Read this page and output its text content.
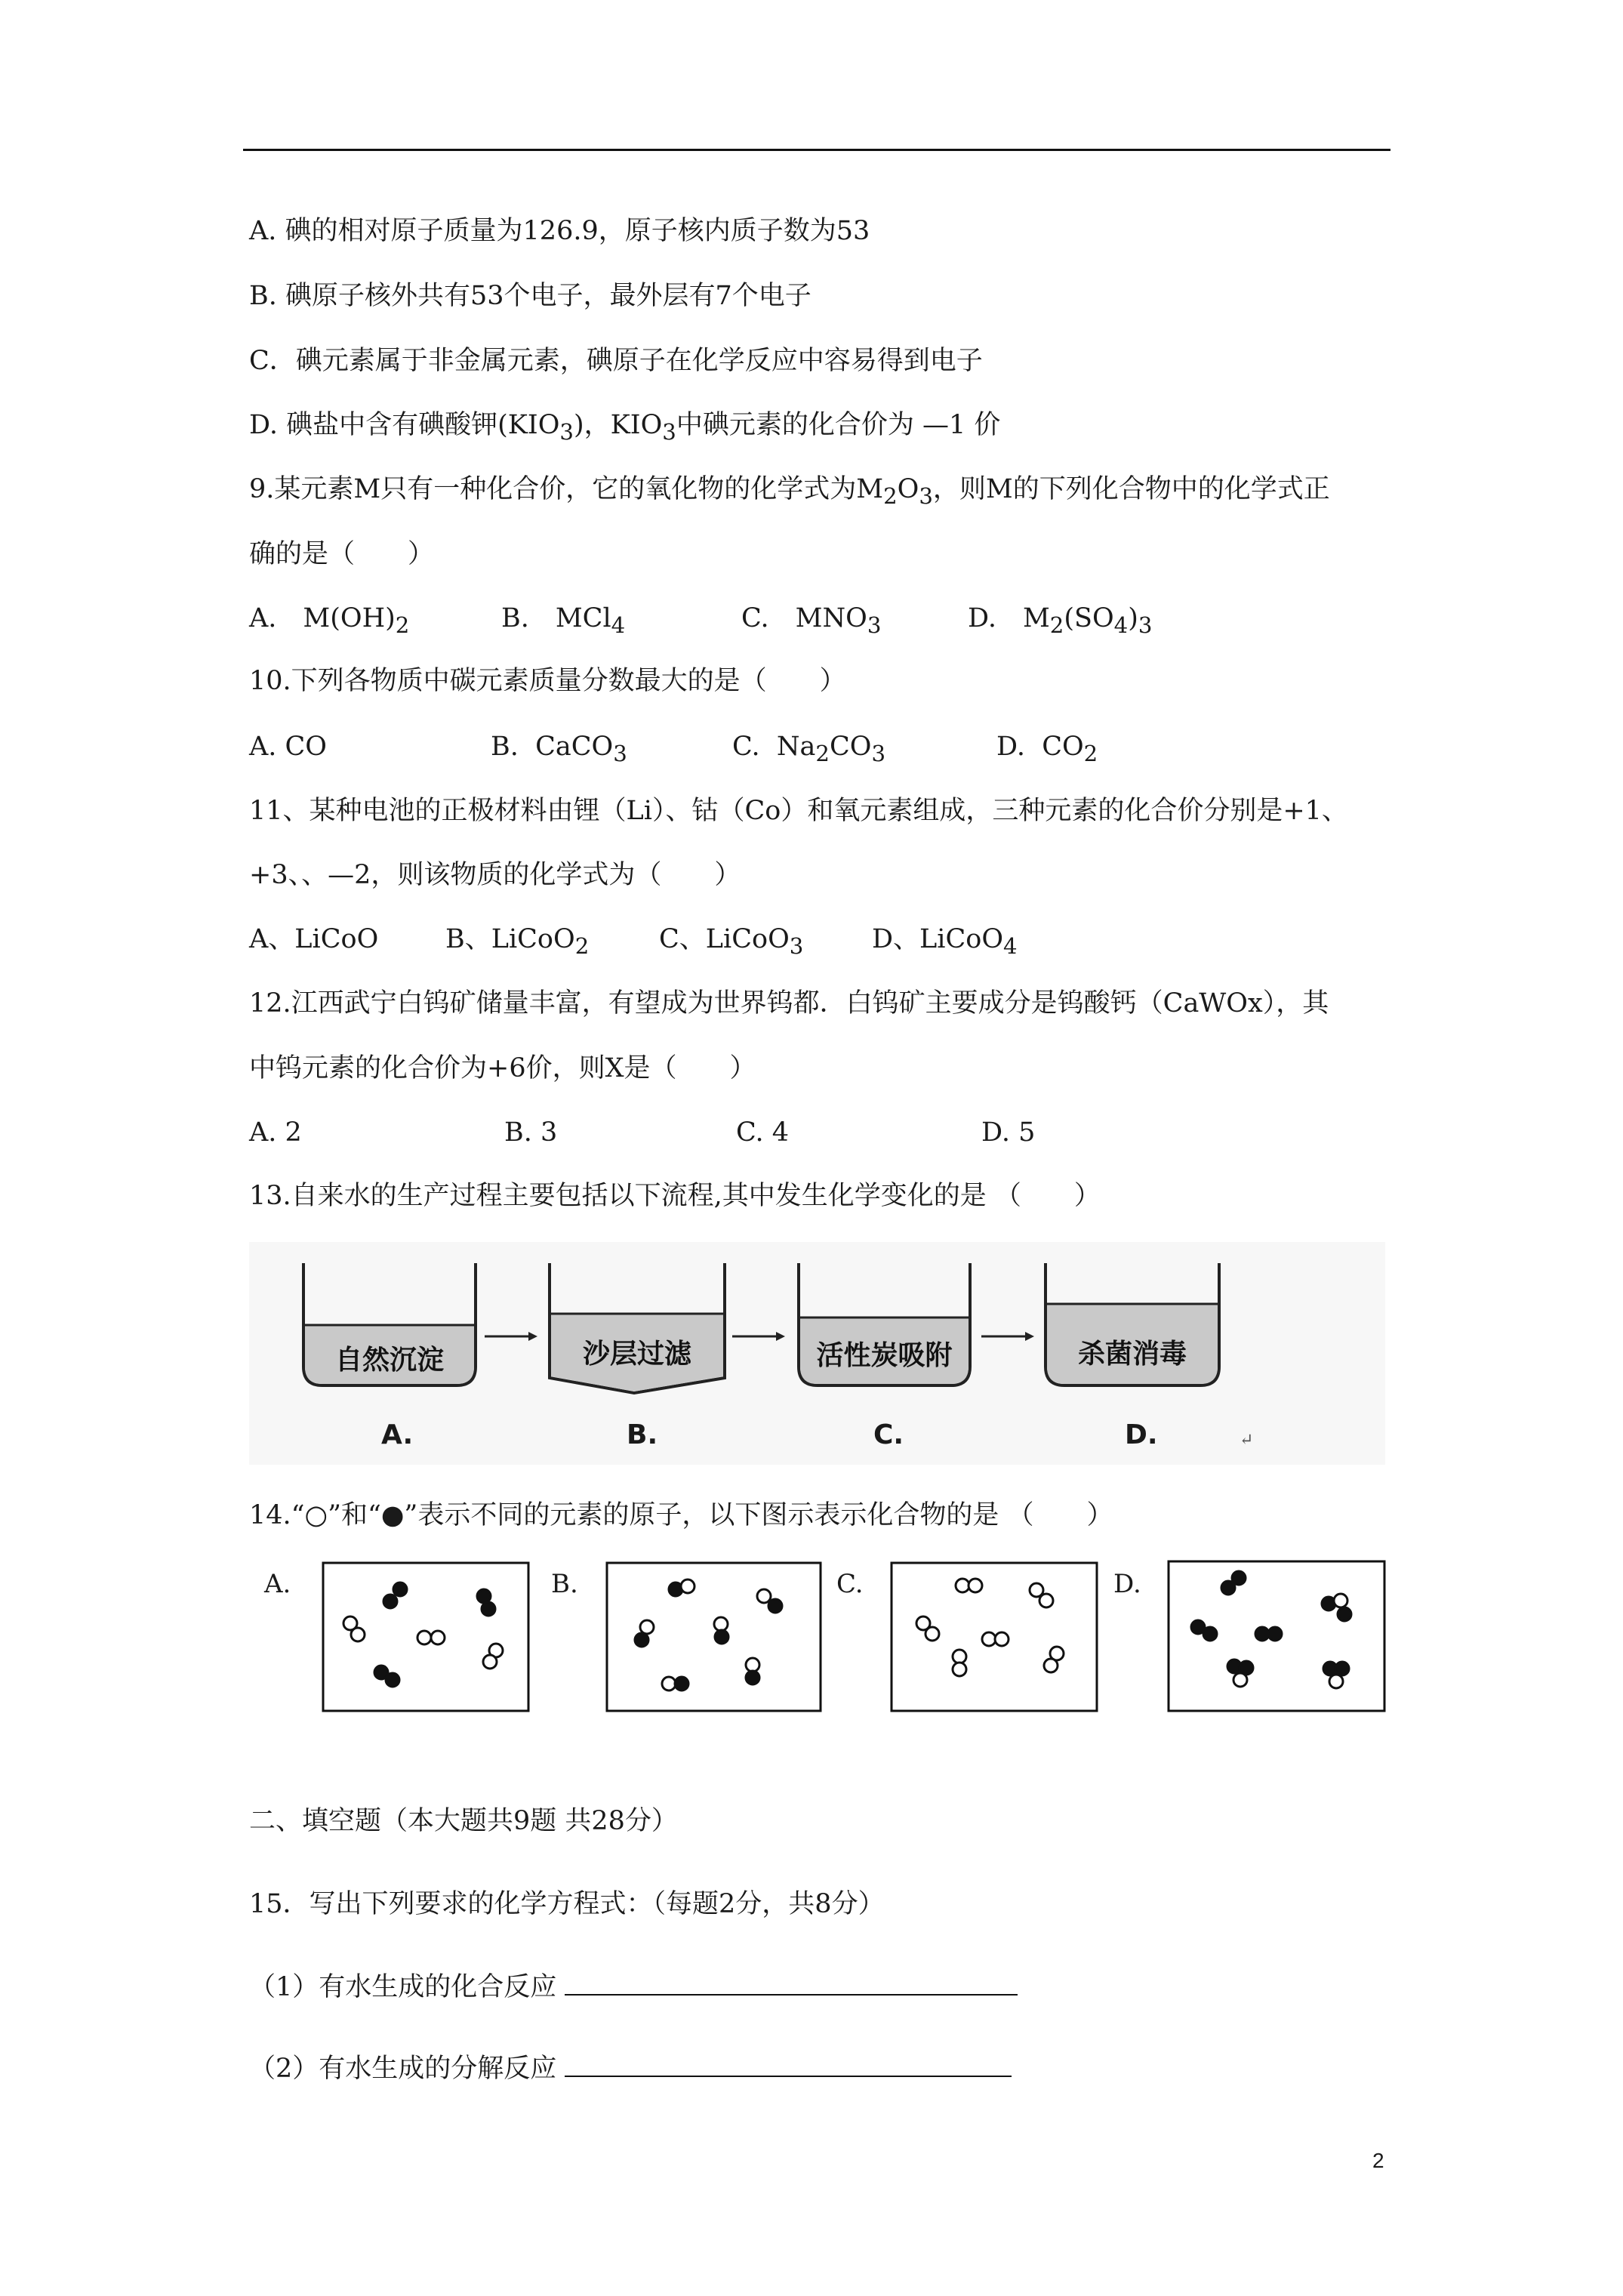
A. 碘的相对原子质量为126.9，原子核内质子数为53
B. 碘原子核外共有53个电子，最外层有7个电子
C．碘元素属于非金属元素，碘原子在化学反应中容易得到电子
D. 碘盐中含有碘酸钾$(KIO_3)$，$KIO_3$中碘元素的化合价为 —1 价
9.某元素M只有一种化合价，它的氧化物的化学式为$M_2O_3$，则M的下列化合物中的化学式正
确的是（　　）
A.　$M(OH)_2$	B.　MCl$_4$	C.　$MNO_3$	D.　$M_2(SO_4)_3$
10.下列各物质中碳元素质量分数最大的是（　　）
A. CO	B.  CaCO$_3$	C.  $Na_2CO_3$	D.  $CO_2$
11、某种电池的正极材料由锂（Li）、钴（Co）和氧元素组成，三种元素的化合价分别是+1、
+3、、—2，则该物质的化学式为（　　）
A、LiCoO	B、LiCoO$_2$	C、LiCoO$_3$	D、LiCoO$_4$
12.江西武宁白钨矿储量丰富，有望成为世界钨都．白钨矿主要成分是钨酸钙（CaWOx），其
中钨元素的化合价为+6价，则X是（　　）
A. 2	B. 3	C. 4	D. 5
13.自来水的生产过程主要包括以下流程,其中发生化学变化的是 （　　）
自然沉淀	沙层过滤	活性炭吸附	杀菌消毒
A.	B.	C.	D.	↵
14.“○”和“●”表示不同的元素的原子，以下图示表示化合物的是 （　　）
A.	B.	C.	D.
二、填空题（本大题共9题 共28分）
15．写出下列要求的化学方程式：（每题2分，共8分）
（1）有水生成的化合反应
（2）有水生成的分解反应
2
